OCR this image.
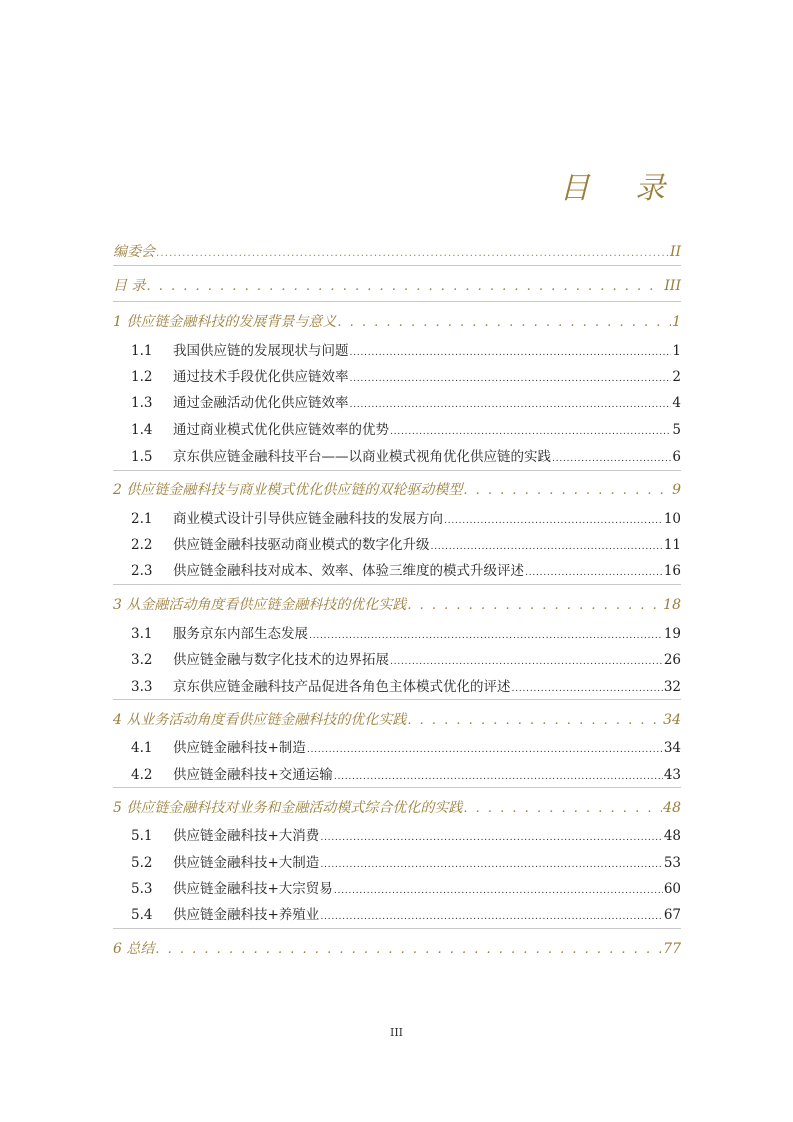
目 录
编委会 . . .	II
目 录 . . .	III
1 供应链金融科技的发展背景与意义 . . .	1
1.1	我国供应链的发展现状与问题 . . .	1
1.2	通过技术手段优化供应链效率 . . .	2
1.3	通过金融活动优化供应链效率 . . .	4
1.4	通过商业模式优化供应链效率的优势 . . .	5
1.5	京东供应链金融科技平台——以商业模式视角优化供应链的实践 . . .	6
2 供应链金融科技与商业模式优化供应链的双轮驱动模型 . . .	9
2.1	商业模式设计引导供应链金融科技的发展方向 . . .	10
2.2	供应链金融科技驱动商业模式的数字化升级 . . .	11
2.3	供应链金融科技对成本、效率、体验三维度的模式升级评述 . . .	16
3 从金融活动角度看供应链金融科技的优化实践 . . .	18
3.1	服务京东内部生态发展 . . .	19
3.2	供应链金融与数字化技术的边界拓展 . . .	26
3.3	京东供应链金融科技产品促进各角色主体模式优化的评述 . . .	32
4 从业务活动角度看供应链金融科技的优化实践 . . .	34
4.1	供应链金融科技+制造 . . .	34
4.2	供应链金融科技+交通运输 . . .	43
5 供应链金融科技对业务和金融活动模式综合优化的实践 . . .	48
5.1	供应链金融科技+大消费 . . .	48
5.2	供应链金融科技+大制造 . . .	53
5.3	供应链金融科技+大宗贸易 . . .	60
5.4	供应链金融科技+养殖业 . . .	67
6 总结 . . .	77
III
